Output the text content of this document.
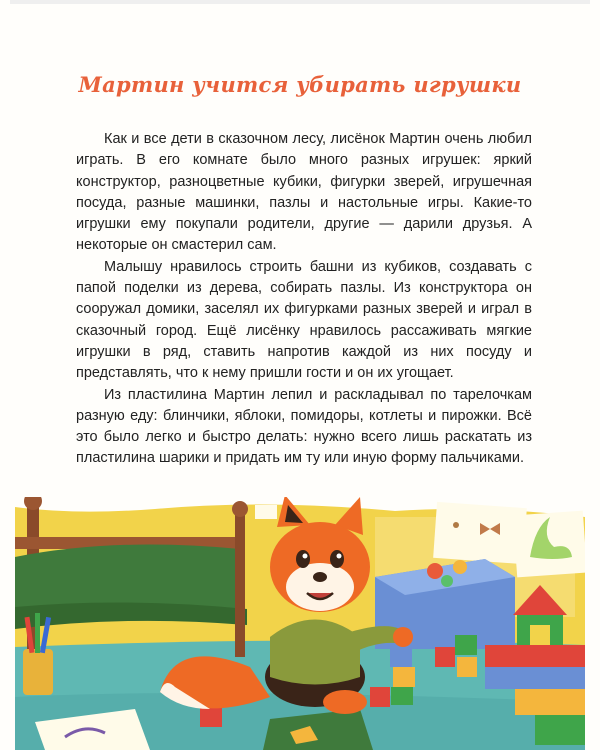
Мартин учится убирать игрушки

Как и все дети в сказочном лесу, лисёнок Мартин очень любил играть. В его комнате было много разных игрушек: яркий конструктор, разноцветные кубики, фигурки зверей, игрушечная посуда, разные машинки, пазлы и настольные игры. Какие-то игрушки ему покупали родители, другие — дарили друзья. А некоторые он смастерил сам.

Малышу нравилось строить башни из кубиков, создавать с папой поделки из дерева, собирать пазлы. Из конструктора он сооружал домики, заселял их фигурками разных зверей и играл в сказочный город. Ещё лисёнку нравилось рассаживать мягкие игрушки в ряд, ставить напротив каждой из них посуду и представлять, что к нему пришли гости и он их угощает.

Из пластилина Мартин лепил и раскладывал по тарелочкам разную еду: блинчики, яблоки, помидоры, котлеты и пирожки. Всё это было легко и быстро делать: нужно всего лишь раскатать из пластилина шарики и придать им ту или иную форму пальчиками.
